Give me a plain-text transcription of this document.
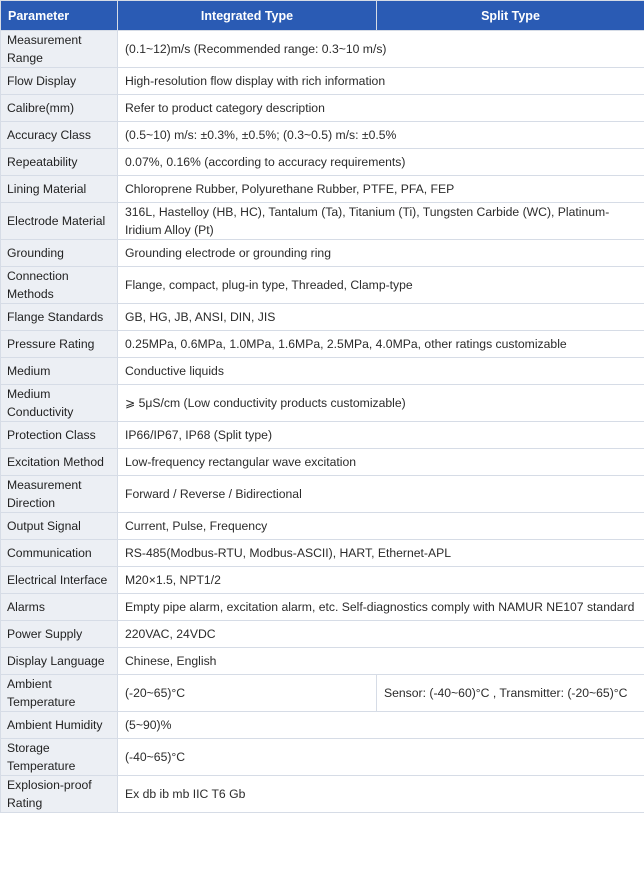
Parameter	Integrated Type	Split Type
Measurement Range	(0.1~12)m/s (Recommended range: 0.3~10 m/s)	
Flow Display	High-resolution flow display with rich information	
Calibre(mm)	Refer to product category description	
Accuracy Class	(0.5~10) m/s: ±0.3%, ±0.5%; (0.3~0.5) m/s: ±0.5%	
Repeatability	0.07%, 0.16% (according to accuracy requirements)	
Lining Material	Chloroprene Rubber, Polyurethane Rubber, PTFE, PFA, FEP	
Electrode Material	316L, Hastelloy (HB, HC), Tantalum (Ta), Titanium (Ti), Tungsten Carbide (WC), Platinum-Iridium Alloy (Pt)	
Grounding	Grounding electrode or grounding ring	
Connection Methods	Flange, compact, plug-in type, Threaded, Clamp-type	
Flange Standards	GB, HG, JB, ANSI, DIN, JIS	
Pressure Rating	0.25MPa, 0.6MPa, 1.0MPa, 1.6MPa, 2.5MPa, 4.0MPa, other ratings customizable	
Medium	Conductive liquids	
Medium Conductivity	⩾ 5μS/cm (Low conductivity products customizable)	
Protection Class	IP66/IP67, IP68 (Split type)	
Excitation Method	Low-frequency rectangular wave excitation	
Measurement Direction	Forward / Reverse / Bidirectional	
Output Signal	Current, Pulse, Frequency	
Communication	RS-485(Modbus-RTU, Modbus-ASCII), HART, Ethernet-APL	
Electrical Interface	M20×1.5, NPT1/2	
Alarms	Empty pipe alarm, excitation alarm, etc. Self-diagnostics comply with NAMUR NE107 standard	
Power Supply	220VAC, 24VDC	
Display Language	Chinese, English	
Ambient Temperature	(-20~65)°C	Sensor: (-40~60)°C , Transmitter: (-20~65)°C
Ambient Humidity	(5~90)%	
Storage Temperature	(-40~65)°C	
Explosion-proof Rating	Ex db ib mb IIC T6 Gb	
